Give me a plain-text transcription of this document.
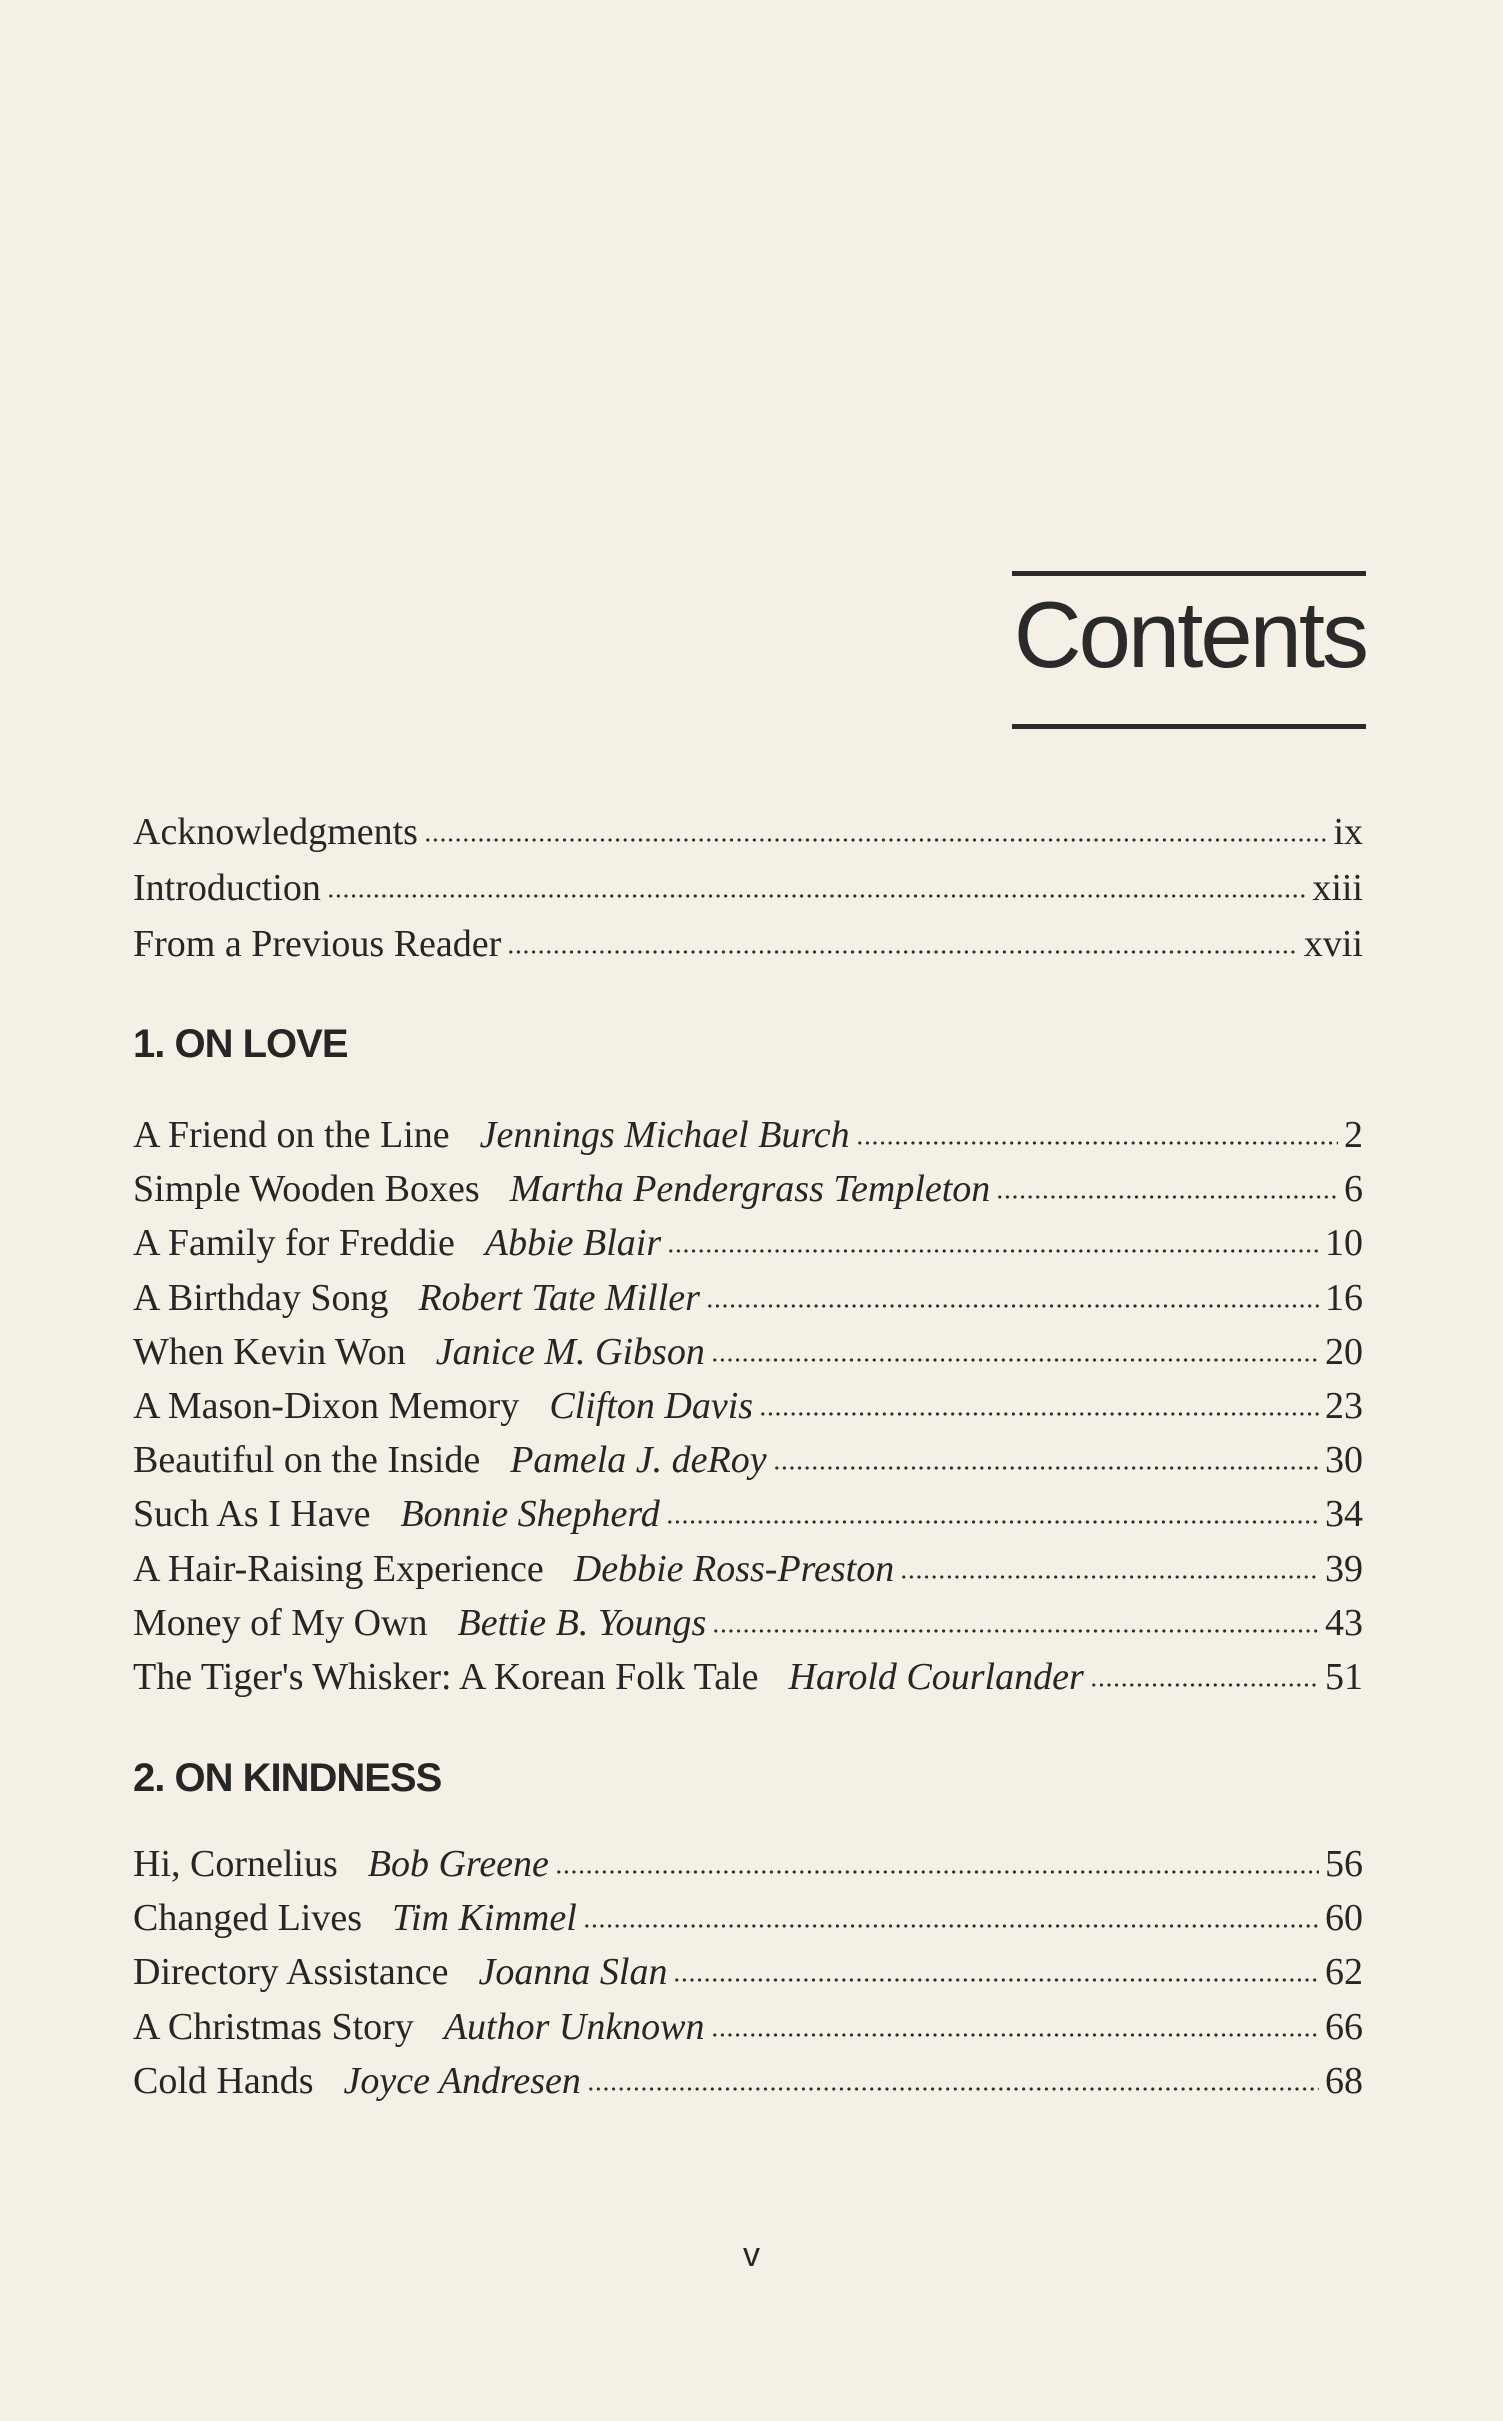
Contents
Acknowledgments	ix
Introduction	xiii
From a Previous Reader	xvii
1. ON LOVE
A Friend on the Line Jennings Michael Burch	2
Simple Wooden Boxes Martha Pendergrass Templeton	6
A Family for Freddie Abbie Blair	10
A Birthday Song Robert Tate Miller	16
When Kevin Won Janice M. Gibson	20
A Mason-Dixon Memory Clifton Davis	23
Beautiful on the Inside Pamela J. deRoy	30
Such As I Have Bonnie Shepherd	34
A Hair-Raising Experience Debbie Ross-Preston	39
Money of My Own Bettie B. Youngs	43
The Tiger's Whisker: A Korean Folk Tale Harold Courlander	51
2. ON KINDNESS
Hi, Cornelius Bob Greene	56
Changed Lives Tim Kimmel	60
Directory Assistance Joanna Slan	62
A Christmas Story Author Unknown	66
Cold Hands Joyce Andresen	68
v
